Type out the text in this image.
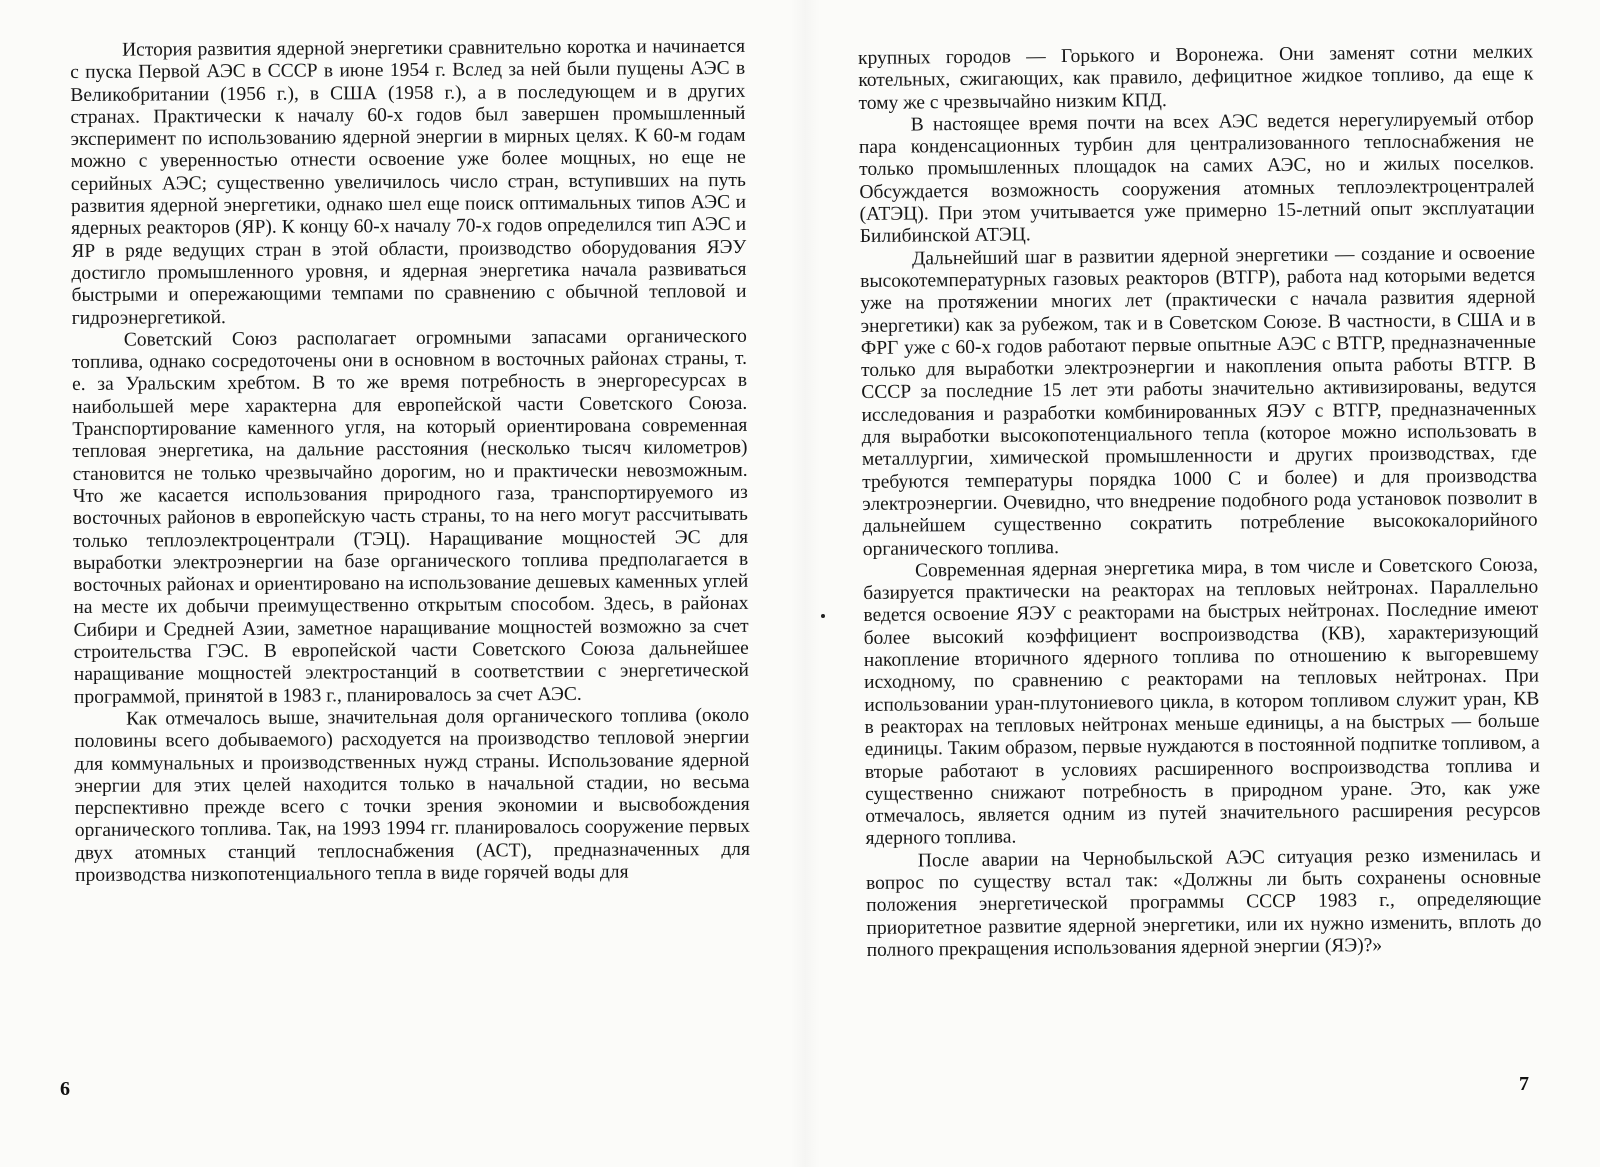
История развития ядерной энергетики сравнительно коротка и начинается с пуска Первой АЭС в СССР в июне 1954 г. Вслед за ней были пущены АЭС в Великобритании (1956 г.), в США (1958 г.), а в последующем и в других странах. Практически к началу 60-х годов был завершен промышленный эксперимент по использованию ядерной энергии в мирных целях. К 60-м годам можно с уверенностью отнести освоение уже более мощных, но еще не серийных АЭС; существенно увеличилось число стран, вступивших на путь развития ядерной энергетики, однако шел еще поиск оптимальных типов АЭС и ядерных реакторов (ЯР). К концу 60-х началу 70-х годов определился тип АЭС и ЯР в ряде ведущих стран в этой области, производство оборудования ЯЭУ достигло промышленного уровня, и ядерная энергетика начала развиваться быстрыми и опережающими темпами по сравнению с обычной тепловой и гидроэнергетикой.

Советский Союз располагает огромными запасами органического топлива, однако сосредоточены они в основном в восточных районах страны, т. е. за Уральским хребтом. В то же время потребность в энергоресурсах в наибольшей мере характерна для европейской части Советского Союза. Транспортирование каменного угля, на который ориентирована современная тепловая энергетика, на дальние расстояния (несколько тысяч километров) становится не только чрезвычайно дорогим, но и практически невозможным. Что же касается использования природного газа, транспортируемого из восточных районов в европейскую часть страны, то на него могут рассчитывать только теплоэлектроцентрали (ТЭЦ). Наращивание мощностей ЭС для выработки электроэнергии на базе органического топлива предполагается в восточных районах и ориентировано на использование дешевых каменных углей на месте их добычи преимущественно открытым способом. Здесь, в районах Сибири и Средней Азии, заметное наращивание мощностей возможно за счет строительства ГЭС. В европейской части Советского Союза дальнейшее наращивание мощностей электростанций в соответствии с энергетической программой, принятой в 1983 г., планировалось за счет АЭС.

Как отмечалось выше, значительная доля органического топлива (около половины всего добываемого) расходуется на производство тепловой энергии для коммунальных и производственных нужд страны. Использование ядерной энергии для этих целей находится только в начальной стадии, но весьма перспективно прежде всего с точки зрения экономии и высвобождения органического топлива. Так, на 1993 1994 гг. планировалось сооружение первых двух атомных станций теплоснабжения (АСТ), предназначенных для производства низкопотенциального тепла в виде горячей воды для

крупных городов — Горького и Воронежа. Они заменят сотни мелких котельных, сжигающих, как правило, дефицитное жидкое топливо, да еще к тому же с чрезвычайно низким КПД.

В настоящее время почти на всех АЭС ведется нерегулируемый отбор пара конденсационных турбин для централизованного теплоснабжения не только промышленных площадок на самих АЭС, но и жилых поселков. Обсуждается возможность сооружения атомных теплоэлектроцентралей (АТЭЦ). При этом учитывается уже примерно 15-летний опыт эксплуатации Билибинской АТЭЦ.

Дальнейший шаг в развитии ядерной энергетики — создание и освоение высокотемпературных газовых реакторов (ВТГР), работа над которыми ведется уже на протяжении многих лет (практически с начала развития ядерной энергетики) как за рубежом, так и в Советском Союзе. В частности, в США и в ФРГ уже с 60-х годов работают первые опытные АЭС с ВТГР, предназначенные только для выработки электроэнергии и накопления опыта работы ВТГР. В СССР за последние 15 лет эти работы значительно активизированы, ведутся исследования и разработки комбинированных ЯЭУ с ВТГР, предназначенных для выработки высокопотенциального тепла (которое можно использовать в металлургии, химической промышленности и других производствах, где требуются температуры порядка 1000 С и более) и для производства электроэнергии. Очевидно, что внедрение подобного рода установок позволит в дальнейшем существенно сократить потребление высококалорийного органического топлива.

Современная ядерная энергетика мира, в том числе и Советского Союза, базируется практически на реакторах на тепловых нейтронах. Параллельно ведется освоение ЯЭУ с реакторами на быстрых нейтронах. Последние имеют более высокий коэффициент воспроизводства (КВ), характеризующий накопление вторичного ядерного топлива по отношению к выгоревшему исходному, по сравнению с реакторами на тепловых нейтронах. При использовании уран-плутониевого цикла, в котором топливом служит уран, КВ в реакторах на тепловых нейтронах меньше единицы, а на быстрых — больше единицы. Таким образом, первые нуждаются в постоянной подпитке топливом, а вторые работают в условиях расширенного воспроизводства топлива и существенно снижают потребность в природном уране. Это, как уже отмечалось, является одним из путей значительного расширения ресурсов ядерного топлива.

После аварии на Чернобыльской АЭС ситуация резко изменилась и вопрос по существу встал так: «Должны ли быть сохранены основные положения энергетической программы СССР 1983 г., определяющие приоритетное развитие ядерной энергетики, или их нужно изменить, вплоть до полного прекращения использования ядерной энергии (ЯЭ)?»

6	7
